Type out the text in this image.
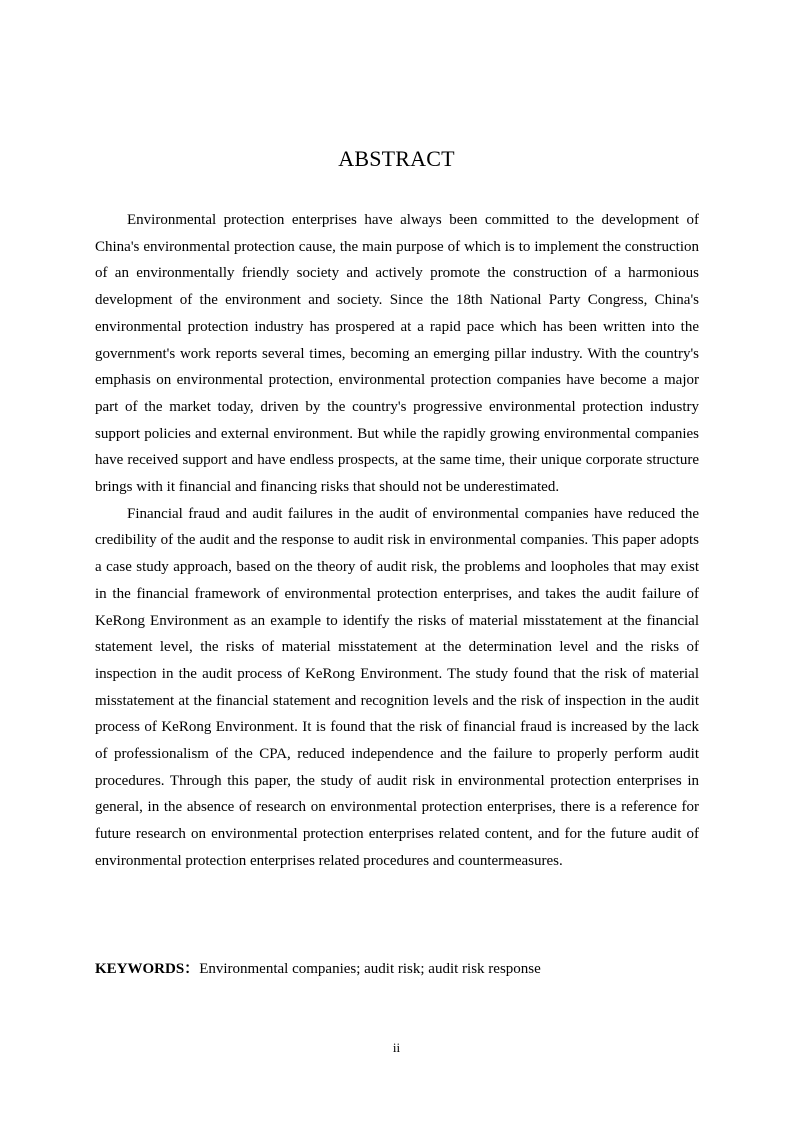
ABSTRACT

Environmental protection enterprises have always been committed to the development of China's environmental protection cause, the main purpose of which is to implement the construction of an environmentally friendly society and actively promote the construction of a harmonious development of the environment and society. Since the 18th National Party Congress, China's environmental protection industry has prospered at a rapid pace which has been written into the government's work reports several times, becoming an emerging pillar industry. With the country's emphasis on environmental protection, environmental protection companies have become a major part of the market today, driven by the country's progressive environmental protection industry support policies and external environment. But while the rapidly growing environmental companies have received support and have endless prospects, at the same time, their unique corporate structure brings with it financial and financing risks that should not be underestimated.

Financial fraud and audit failures in the audit of environmental companies have reduced the credibility of the audit and the response to audit risk in environmental companies. This paper adopts a case study approach, based on the theory of audit risk, the problems and loopholes that may exist in the financial framework of environmental protection enterprises, and takes the audit failure of KeRong Environment as an example to identify the risks of material misstatement at the financial statement level, the risks of material misstatement at the determination level and the risks of inspection in the audit process of KeRong Environment. The study found that the risk of material misstatement at the financial statement and recognition levels and the risk of inspection in the audit process of KeRong Environment. It is found that the risk of financial fraud is increased by the lack of professionalism of the CPA, reduced independence and the failure to properly perform audit procedures. Through this paper, the study of audit risk in environmental protection enterprises in general, in the absence of research on environmental protection enterprises, there is a reference for future research on environmental protection enterprises related content, and for the future audit of environmental protection enterprises related procedures and countermeasures.

KEYWORDS：Environmental companies; audit risk; audit risk response
ii
